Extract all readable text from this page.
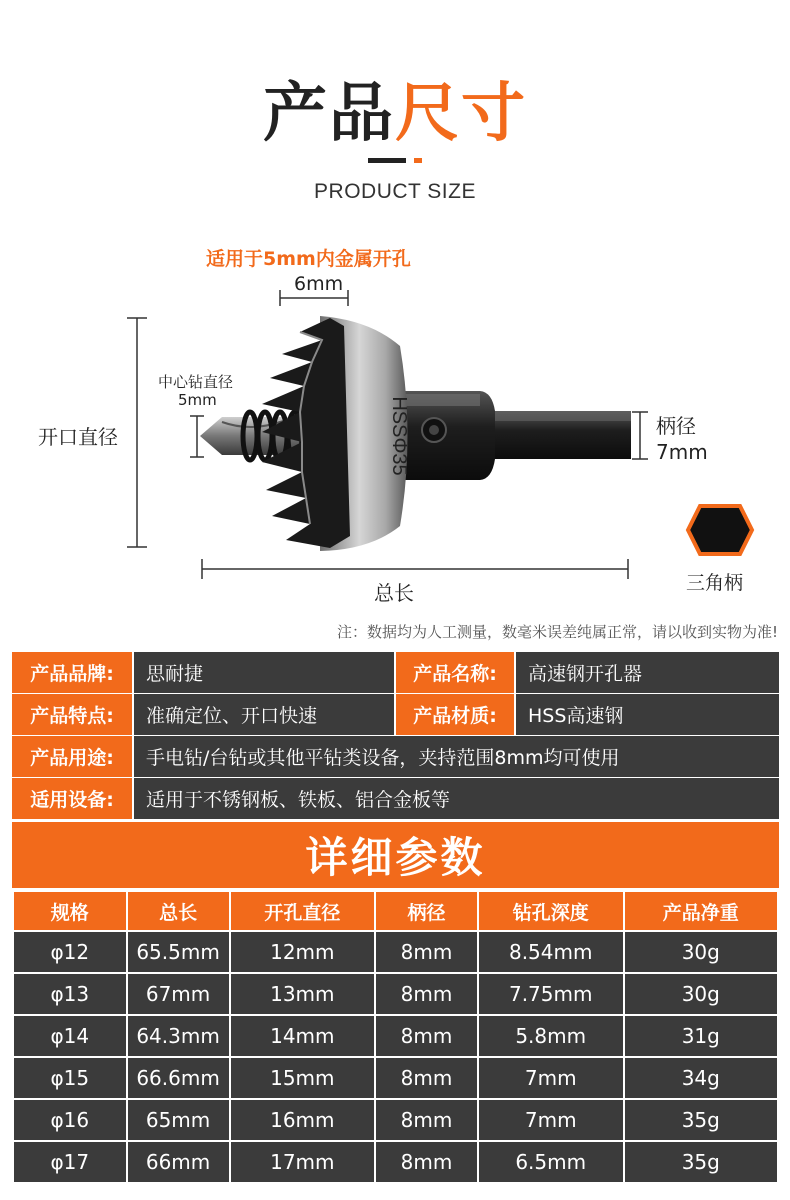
产品尺寸
PRODUCT SIZE
HSSΦ35
适用于5mm内金属开孔
6mm
中心钻直径
5mm
开口直径	柄径
7mm
总长	三角柄
注：数据均为人工测量，数毫米误差纯属正常，请以收到实物为准!
产品品牌:	思耐捷	产品名称:	高速钢开孔器
产品特点:	准确定位、开口快速	产品材质:	HSS高速钢
产品用途:	手电钻/台钻或其他平钻类设备，夹持范围8mm均可使用
适用设备:	适用于不锈钢板、铁板、铝合金板等
详细参数
规格	总长	开孔直径	柄径	钻孔深度	产品净重
φ12	65.5mm	12mm	8mm	8.54mm	30g
φ13	67mm	13mm	8mm	7.75mm	30g
φ14	64.3mm	14mm	8mm	5.8mm	31g
φ15	66.6mm	15mm	8mm	7mm	34g
φ16	65mm	16mm	8mm	7mm	35g
φ17	66mm	17mm	8mm	6.5mm	35g
